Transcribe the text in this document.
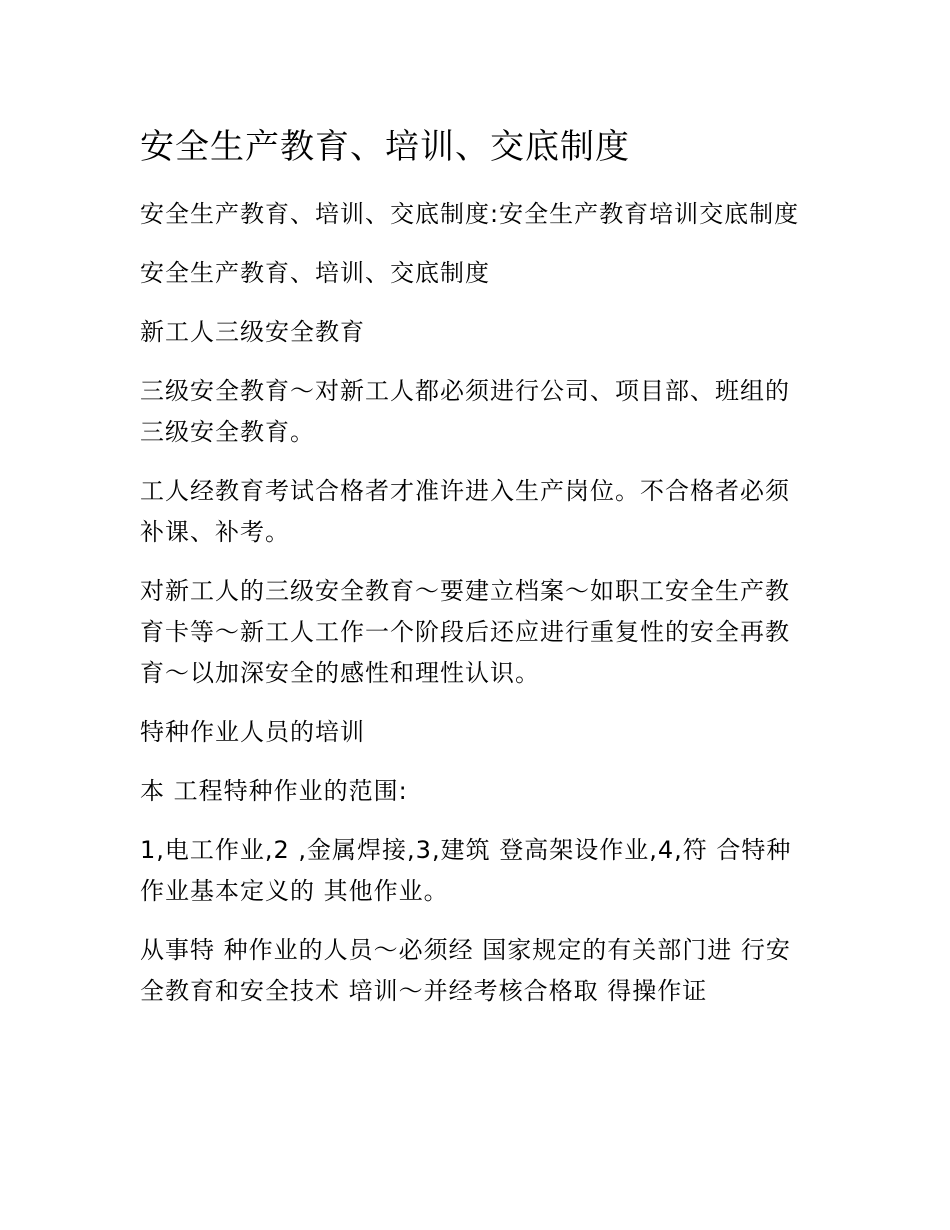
安全生产教育、培训、交底制度

安全生产教育、培训、交底制度:安全生产教育培训交底制度

安全生产教育、培训、交底制度

新工人三级安全教育

三级安全教育～对新工人都必须进行公司、项目部、班组的三级安全教育。

工人经教育考试合格者才准许进入生产岗位。不合格者必须补课、补考。

对新工人的三级安全教育～要建立档案～如职工安全生产教育卡等～新工人工作一个阶段后还应进行重复性的安全再教育～以加深安全的感性和理性认识。

特种作业人员的培训

本 工程特种作业的范围:

1,电工作业,2 ,金属焊接,3,建筑 登高架设作业,4,符 合特种作业基本定义的 其他作业。

从事特 种作业的人员～必须经 国家规定的有关部门进 行安全教育和安全技术 培训～并经考核合格取 得操作证
